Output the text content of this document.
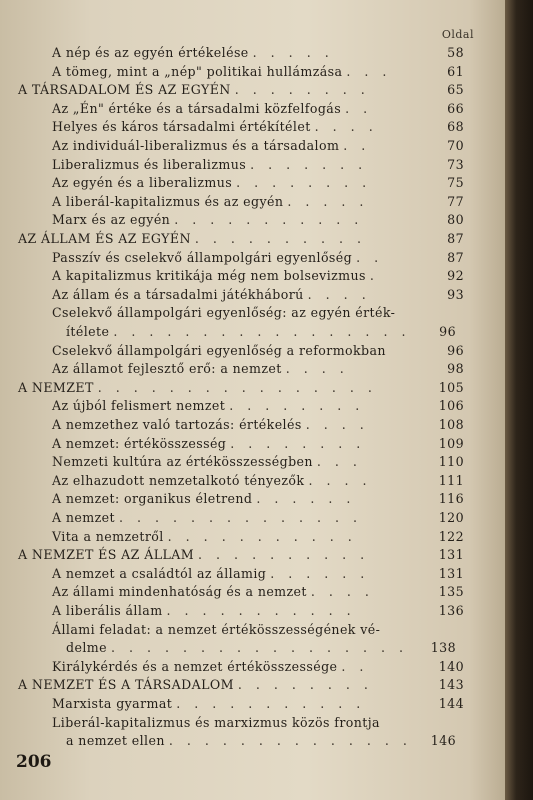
Oldal
A nép és az egyén értékelése . . . . .	58
A tömeg, mint a „nép" politikai hullámzása . . .	61
A TÁRSADALOM ÉS AZ EGYÉN . . . . . . . .	65
Az „Én" értéke és a társadalmi közfelfogás . .	66
Helyes és káros társadalmi értékítélet . . . .	68
Az individuál-liberalizmus és a társadalom . .	70
Liberalizmus és liberalizmus . . . . . . .	73
Az egyén és a liberalizmus . . . . . . . .	75
A liberál-kapitalizmus és az egyén . . . . .	77
Marx és az egyén . . . . . . . . . . .	80
AZ ÁLLAM ÉS AZ EGYÉN . . . . . . . . . .	87
Passzív és cselekvő állampolgári egyenlőség . .	87
A kapitalizmus kritikája még nem bolsevizmus .	92
Az állam és a társadalmi játékháború . . . .	93
Cselekvő állampolgári egyenlőség: az egyén érték-
ítélete . . . . . . . . . . . . . . . . .	96
Cselekvő állampolgári egyenlőség a reformokban	96
Az államot fejlesztő erő: a nemzet . . . .	98
A NEMZET . . . . . . . . . . . . . . . .	105
Az újból felismert nemzet . . . . . . . .	106
A nemzethez való tartozás: értékelés . . . .	108
A nemzet: értékösszesség . . . . . . . .	109
Nemzeti kultúra az értékösszességben . . .	110
Az elhazudott nemzetalkotó tényezők . . . .	111
A nemzet: organikus életrend . . . . . .	116
A nemzet . . . . . . . . . . . . . .	120
Vita a nemzetről . . . . . . . . . . .	122
A NEMZET ÉS AZ ÁLLAM . . . . . . . . . .	131
A nemzet a családtól az államig . . . . . .	131
Az állami mindenhatóság és a nemzet . . . .	135
A liberális állam . . . . . . . . . . .	136
Állami feladat: a nemzet értékösszességének vé-
delme . . . . . . . . . . . . . . . . .	138
Királykérdés és a nemzet értékösszessége . .	140
A NEMZET ÉS A TÁRSADALOM . . . . . . . .	143
Marxista gyarmat . . . . . . . . . . .	144
Liberál-kapitalizmus és marxizmus közös frontja
a nemzet ellen . . . . . . . . . . . . . .	146
206
